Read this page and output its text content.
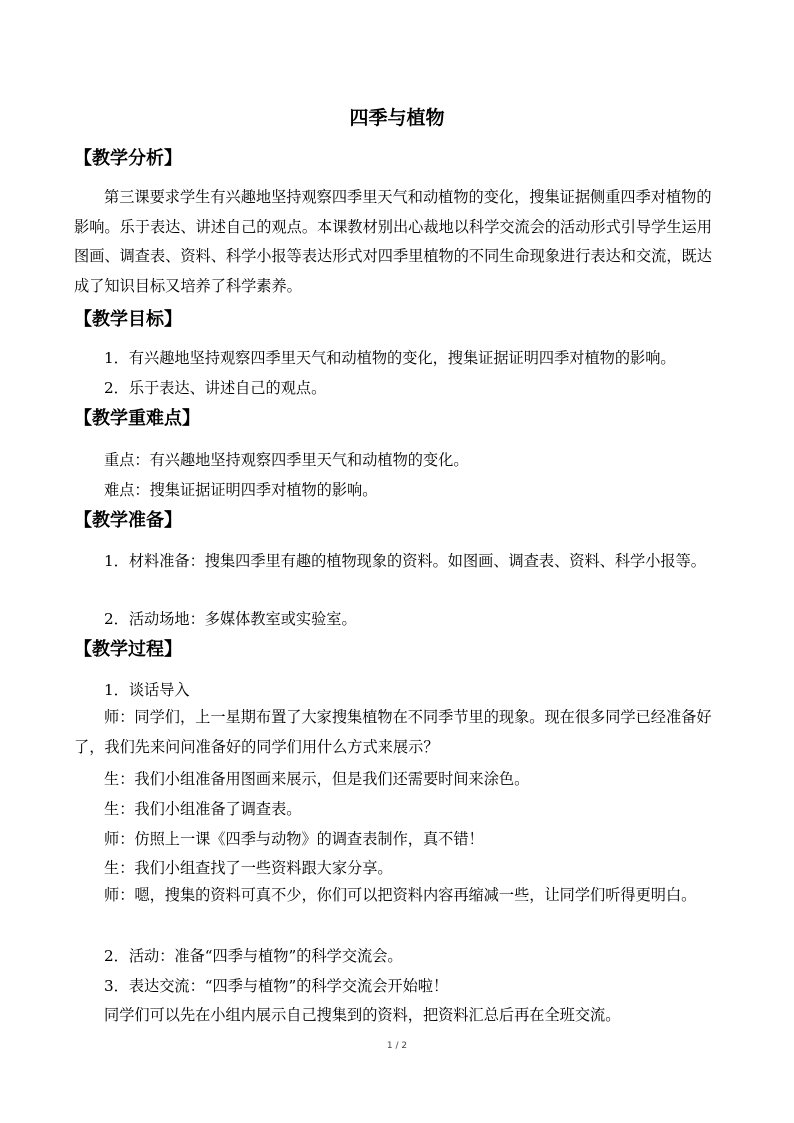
四季与植物
【教学分析】
第三课要求学生有兴趣地坚持观察四季里天气和动植物的变化，搜集证据侧重四季对植物的影响。乐于表达、讲述自己的观点。本课教材别出心裁地以科学交流会的活动形式引导学生运用图画、调查表、资料、科学小报等表达形式对四季里植物的不同生命现象进行表达和交流，既达成了知识目标又培养了科学素养。
【教学目标】
1．有兴趣地坚持观察四季里天气和动植物的变化，搜集证据证明四季对植物的影响。
2．乐于表达、讲述自己的观点。
【教学重难点】
重点：有兴趣地坚持观察四季里天气和动植物的变化。
难点：搜集证据证明四季对植物的影响。
【教学准备】
1．材料准备：搜集四季里有趣的植物现象的资料。如图画、调查表、资料、科学小报等。
2．活动场地：多媒体教室或实验室。
【教学过程】
1．谈话导入
师：同学们，上一星期布置了大家搜集植物在不同季节里的现象。现在很多同学已经准备好了，我们先来问问准备好的同学们用什么方式来展示？
生：我们小组准备用图画来展示，但是我们还需要时间来涂色。
生：我们小组准备了调查表。
师：仿照上一课《四季与动物》的调查表制作，真不错！
生：我们小组查找了一些资料跟大家分享。
师：嗯，搜集的资料可真不少，你们可以把资料内容再缩减一些，让同学们听得更明白。
2．活动：准备“四季与植物”的科学交流会。
3．表达交流：“四季与植物”的科学交流会开始啦！
同学们可以先在小组内展示自己搜集到的资料，把资料汇总后再在全班交流。
1 / 2
